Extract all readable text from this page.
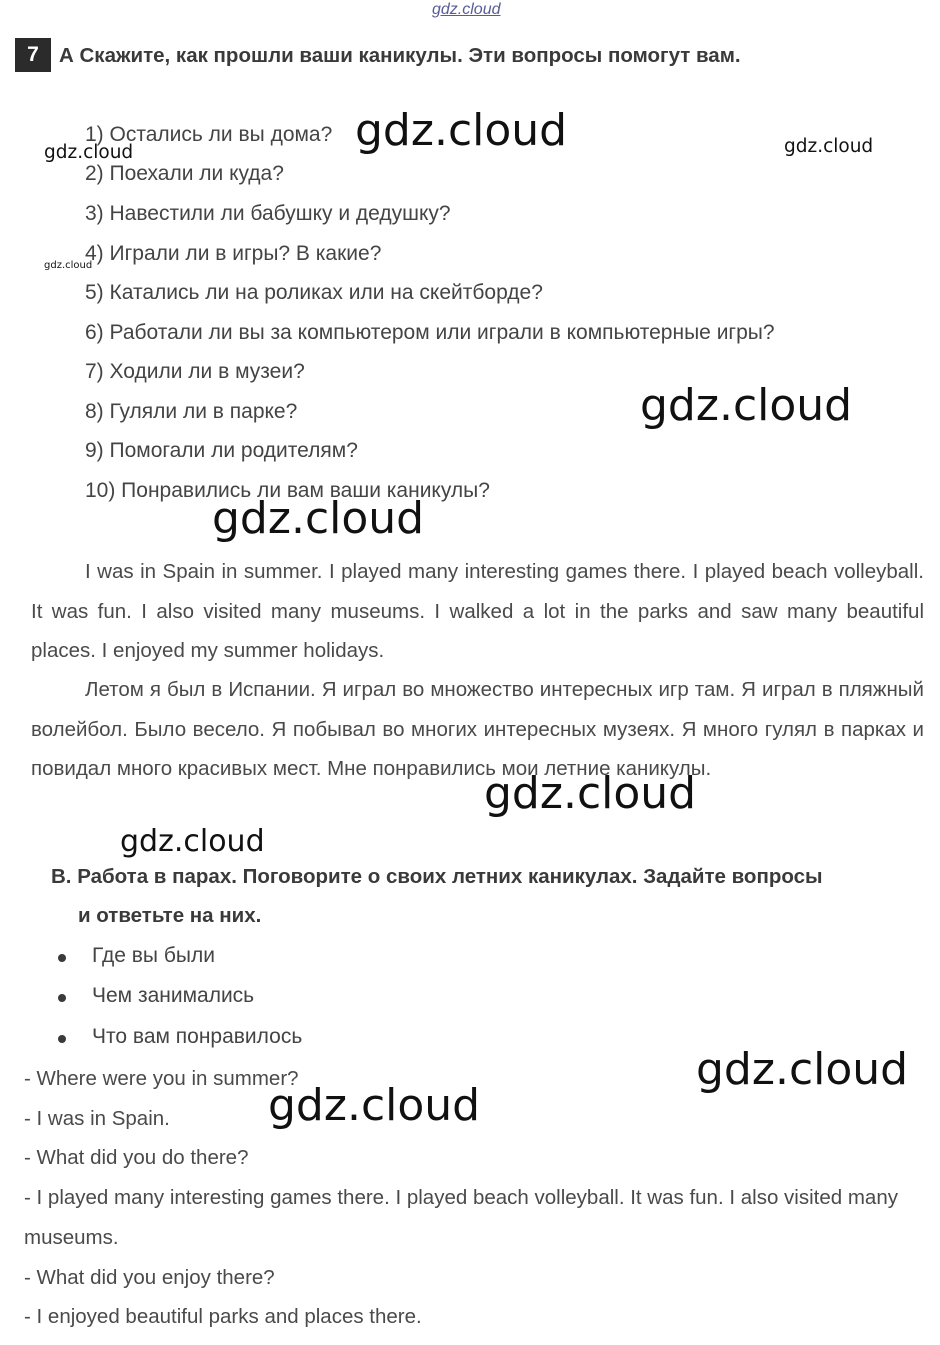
gdz.cloud
7 А Скажите, как прошли ваши каникулы. Эти вопросы помогут вам.
1) Остались ли вы дома?
2) Поехали ли куда?
3) Навестили ли бабушку и дедушку?
4) Играли ли в игры? В какие?
5) Катались ли на роликах или на скейтборде?
6) Работали ли вы за компьютером или играли в компьютерные игры?
7) Ходили ли в музеи?
8) Гуляли ли в парке?
9) Помогали ли родителям?
10) Понравились ли вам ваши каникулы?

I was in Spain in summer. I played many interesting games there. I played beach volleyball. It was fun. I also visited many museums. I walked a lot in the parks and saw many beautiful places. I enjoyed my summer holidays.

Летом я был в Испании. Я играл во множество интересных игр там. Я играл в пляжный волейбол. Было весело. Я побывал во многих интересных музеях. Я много гулял в парках и повидал много красивых мест. Мне понравились мои летние каникулы.

В. Работа в парах. Поговорите о своих летних каникулах. Задайте вопросы
и ответьте на них.

Где вы были
Чем занимались
Что вам понравилось
- Where were you in summer?
- I was in Spain.
- What did you do there?
- I played many interesting games there. I played beach volleyball. It was fun. I also visited many museums.
- What did you enjoy there?
- I enjoyed beautiful parks and places there.
gdz.cloud
gdz.cloud	gdz.cloud
gdz.cloud
gdz.cloud
gdz.cloud
gdz.cloud
gdz.cloud
gdz.cloud
gdz.cloud
